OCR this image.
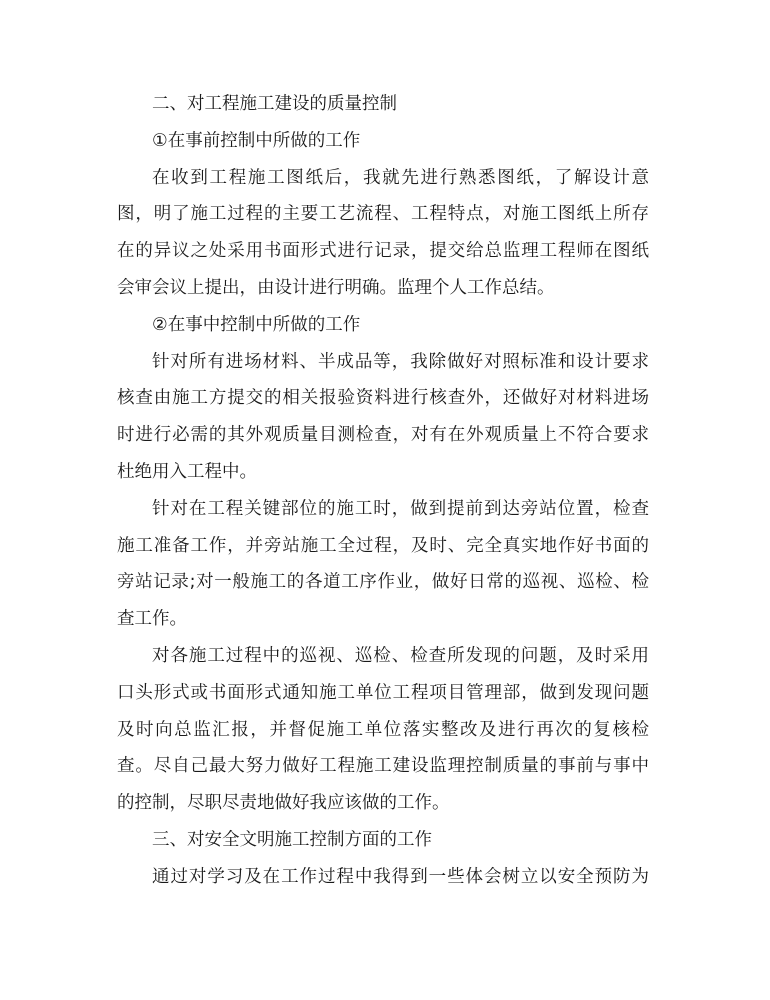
二、对工程施工建设的质量控制
①在事前控制中所做的工作
在收到工程施工图纸后，我就先进行熟悉图纸，了解设计意
图，明了施工过程的主要工艺流程、工程特点，对施工图纸上所存
在的异议之处采用书面形式进行记录，提交给总监理工程师在图纸
会审会议上提出，由设计进行明确。监理个人工作总结。
②在事中控制中所做的工作
针对所有进场材料、半成品等，我除做好对照标准和设计要求
核查由施工方提交的相关报验资料进行核查外，还做好对材料进场
时进行必需的其外观质量目测检查，对有在外观质量上不符合要求
杜绝用入工程中。
针对在工程关键部位的施工时，做到提前到达旁站位置，检查
施工准备工作，并旁站施工全过程，及时、完全真实地作好书面的
旁站记录;对一般施工的各道工序作业，做好日常的巡视、巡检、检
查工作。
对各施工过程中的巡视、巡检、检查所发现的问题，及时采用
口头形式或书面形式通知施工单位工程项目管理部，做到发现问题
及时向总监汇报，并督促施工单位落实整改及进行再次的复核检
查。尽自己最大努力做好工程施工建设监理控制质量的事前与事中
的控制，尽职尽责地做好我应该做的工作。
三、对安全文明施工控制方面的工作
通过对学习及在工作过程中我得到一些体会树立以安全预防为
